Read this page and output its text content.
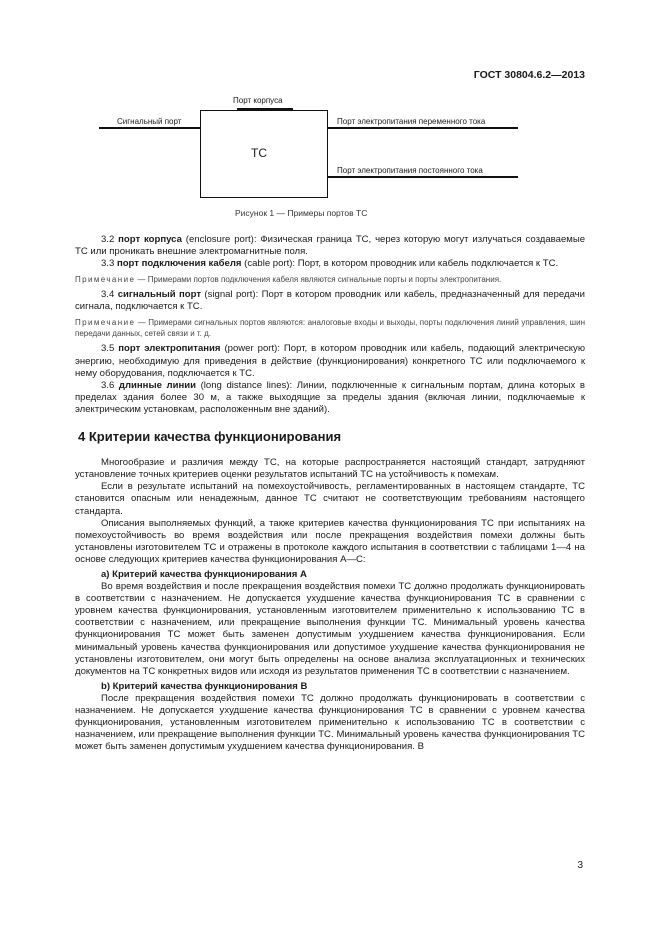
ГОСТ 30804.6.2—2013
Порт корпуса
ТС
Сигнальный порт	Порт электропитания переменного тока
Порт электропитания постоянного тока
Рисунок 1 — Примеры портов ТС

3.2 порт корпуса (enclosure port): Физическая граница ТС, через которую могут излучаться создаваемые ТС или проникать внешние электромагнитные поля.

3.3 порт подключения кабеля (cable port): Порт, в котором проводник или кабель подключается к ТС.

Примечание — Примерами портов подключения кабеля являются сигнальные порты и порты электропитания.

3.4 сигнальный порт (signal port): Порт в котором проводник или кабель, предназначенный для передачи сигнала, подключается к ТС.

Примечание — Примерами сигнальных портов являются: аналоговые входы и выходы, порты подключения линий управления, шин передачи данных, сетей связи и т. д.

3.5 порт электропитания (power port): Порт, в котором проводник или кабель, подающий электрическую энергию, необходимую для приведения в действие (функционирования) конкретного ТС или подключаемого к нему оборудования, подключается к ТС.

3.6 длинные линии (long distance lines): Линии, подключенные к сигнальным портам, длина которых в пределах здания более 30 м, а также выходящие за пределы здания (включая линии, подключаемые к электрическим установкам, расположенным вне зданий).

4 Критерии качества функционирования

Многообразие и различия между ТС, на которые распространяется настоящий стандарт, затрудняют установление точных критериев оценки результатов испытаний ТС на устойчивость к помехам.

Если в результате испытаний на помехоустойчивость, регламентированных в настоящем стандарте, ТС становится опасным или ненадежным, данное ТС считают не соответствующим требованиям настоящего стандарта.

Описания выполняемых функций, а также критериев качества функционирования ТС при испытаниях на помехоустойчивость во время воздействия или после прекращения воздействия помехи должны быть установлены изготовителем ТС и отражены в протоколе каждого испытания в соответствии с таблицами 1—4 на основе следующих критериев качества функционирования А—С:

а) Критерий качества функционирования А

Во время воздействия и после прекращения воздействия помехи ТС должно продолжать функционировать в соответствии с назначением. Не допускается ухудшение качества функционирования ТС в сравнении с уровнем качества функционирования, установленным изготовителем применительно к использованию ТС в соответствии с назначением, или прекращение выполнения функции ТС. Минимальный уровень качества функционирования ТС может быть заменен допустимым ухудшением качества функционирования. Если минимальный уровень качества функционирования или допустимое ухудшение качества функционирования не установлены изготовителем, они могут быть определены на основе анализа эксплуатационных и технических документов на ТС конкретных видов или исходя из результатов применения ТС в соответствии с назначением.

b) Критерий качества функционирования В

После прекращения воздействия помехи ТС должно продолжать функционировать в соответствии с назначением. Не допускается ухудшение качества функционирования ТС в сравнении с уровнем качества функционирования, установленным изготовителем применительно к использованию ТС в соответствии с назначением, или прекращение выполнения функции ТС. Минимальный уровень качества функционирования ТС может быть заменен допустимым ухудшением качества функционирования. В

3
